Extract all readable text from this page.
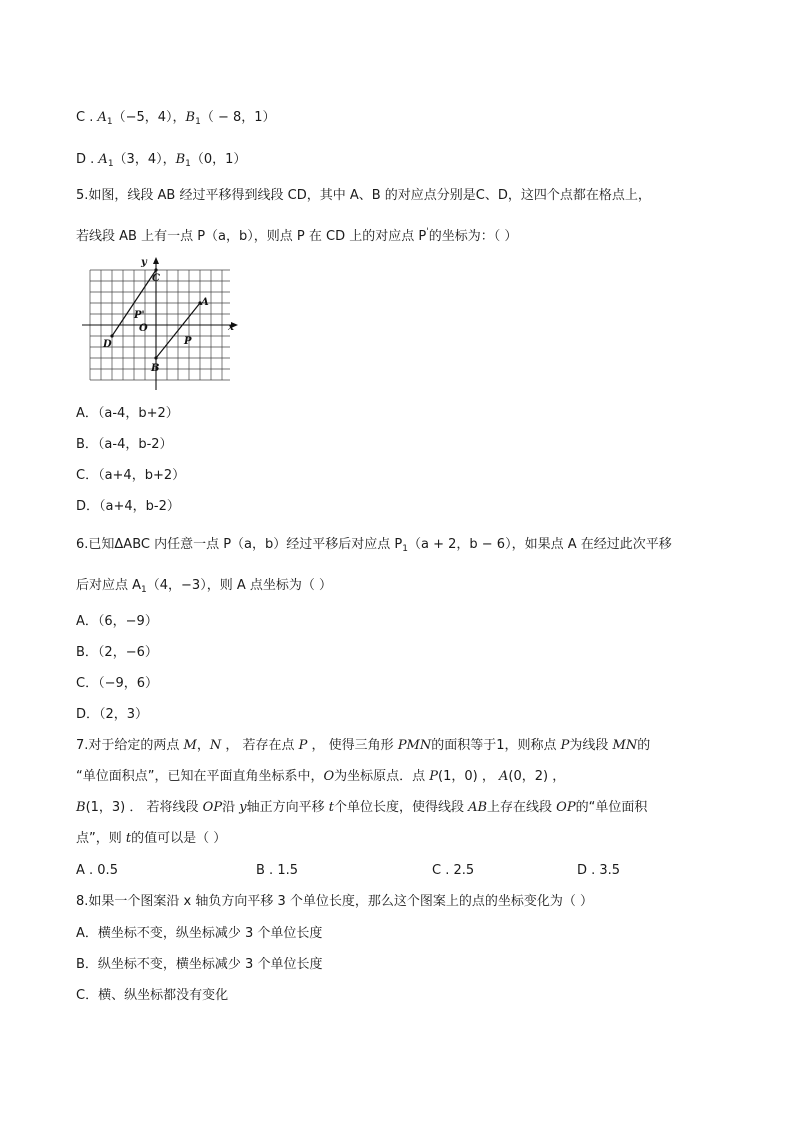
C . $A_1(-5$，4），$B_1( - 8$，1）
D . $A_1(3$，4），$B_1(0$，1）
5.如图，线段 AB 经过平移得到线段 CD，其中 A、B 的对应点分别是C、D，这四个点都在格点上，
若线段 AB 上有一点 P（a，b），则点 P 在 CD 上的对应点 P'的坐标为：（ ）
y
x
C
A
P'
O
P
D
B
A．（a-4，b+2）
B．（a-4，b-2）
C．（a+4，b+2）
D．（a+4，b-2）
6.已知ΔABC 内任意一点 P（a，b）经过平移后对应点 $P_1(a + 2$，b − 6），如果点 A 在经过此次平移
后对应点 $A_1(4$，−3），则 A 点坐标为（ ）
A．（6，−9）
B．（2，−6）
C．（−9，6）
D．（2，3）
7.对于给定的两点 M，N ， 若存在点 P ， 使得三角形 PMN的面积等于1，则称点 P为线段 MN的
“单位面积点”，已知在平面直角坐标系中，O为坐标原点．点 P(1，0) ， A(0，2) ，
B(1，3) ． 若将线段 OP沿 y轴正方向平移 t个单位长度，使得线段 AB上存在线段 OP的“单位面积
点”，则 t的值可以是（ ）
A . 0.5	B . 1.5	C . 2.5	D . 3.5
8.如果一个图案沿 x 轴负方向平移 3 个单位长度，那么这个图案上的点的坐标变化为（ ）
A．横坐标不变，纵坐标减少 3 个单位长度
B．纵坐标不变，横坐标减少 3 个单位长度
C．横、纵坐标都没有变化
